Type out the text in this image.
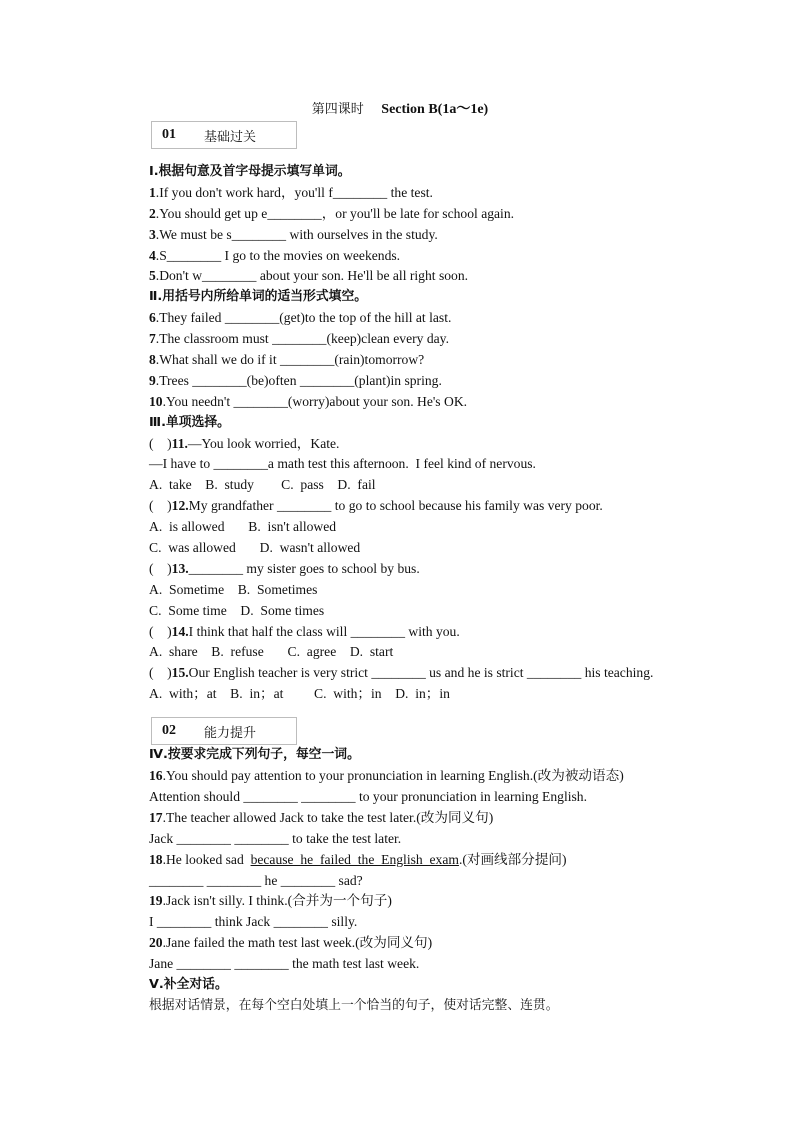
第四课时 Section B(1a～1e)
01	基础过关
Ⅰ.根据句意及首字母提示填写单词。
1.If you don't work hard，you'll f________ the test.
2.You should get up e________，or you'll be late for school again.
3.We must be s________ with ourselves in the study.
4.S________ I go to the movies on weekends.
5.Don't w________ about your son. He'll be all right soon.
Ⅱ.用括号内所给单词的适当形式填空。
6.They failed ________(get)to the top of the hill at last.
7.The classroom must ________(keep)clean every day.
8.What shall we do if it ________(rain)tomorrow?
9.Trees ________(be)often ________(plant)in spring.
10.You needn't ________(worry)about your son. He's OK.
Ⅲ.单项选择。
(　)11.—You look worried，Kate.
—I have to ________a math test this afternoon.  I feel kind of nervous.
A.  take    B.  study        C.  pass    D.  fail
(　)12.My grandfather ________ to go to school because his family was very poor.
A.  is allowed       B.  isn't allowed
C.  was allowed       D.  wasn't allowed
(　)13.________ my sister goes to school by bus.
A.  Sometime    B.  Sometimes
C.  Some time    D.  Some times
(　)14.I think that half the class will ________ with you.
A.  share    B.  refuse       C.  agree    D.  start
(　)15.Our English teacher is very strict ________ us and he is strict ________ his teaching.
A.  with；at    B.  in；at         C.  with；in    D.  in；in
Ⅳ.按要求完成下列句子，每空一词。
16.You should pay attention to your pronunciation in learning English.(改为被动语态)
Attention should ________ ________ to your pronunciation in learning English.
17.The teacher allowed Jack to take the test later.(改为同义句)
Jack ________ ________ to take the test later.
18.He looked sad  because  he  failed  the  English  exam.(对画线部分提问)
________ ________ he ________ sad?
19.Jack isn't silly. I think.(合并为一个句子)
I ________ think Jack ________ silly.
20.Jane failed the math test last week.(改为同义句)
Jane ________ ________ the math test last week.
Ⅴ.补全对话。
根据对话情景，在每个空白处填上一个恰当的句子，使对话完整、连贯。
02	能力提升
